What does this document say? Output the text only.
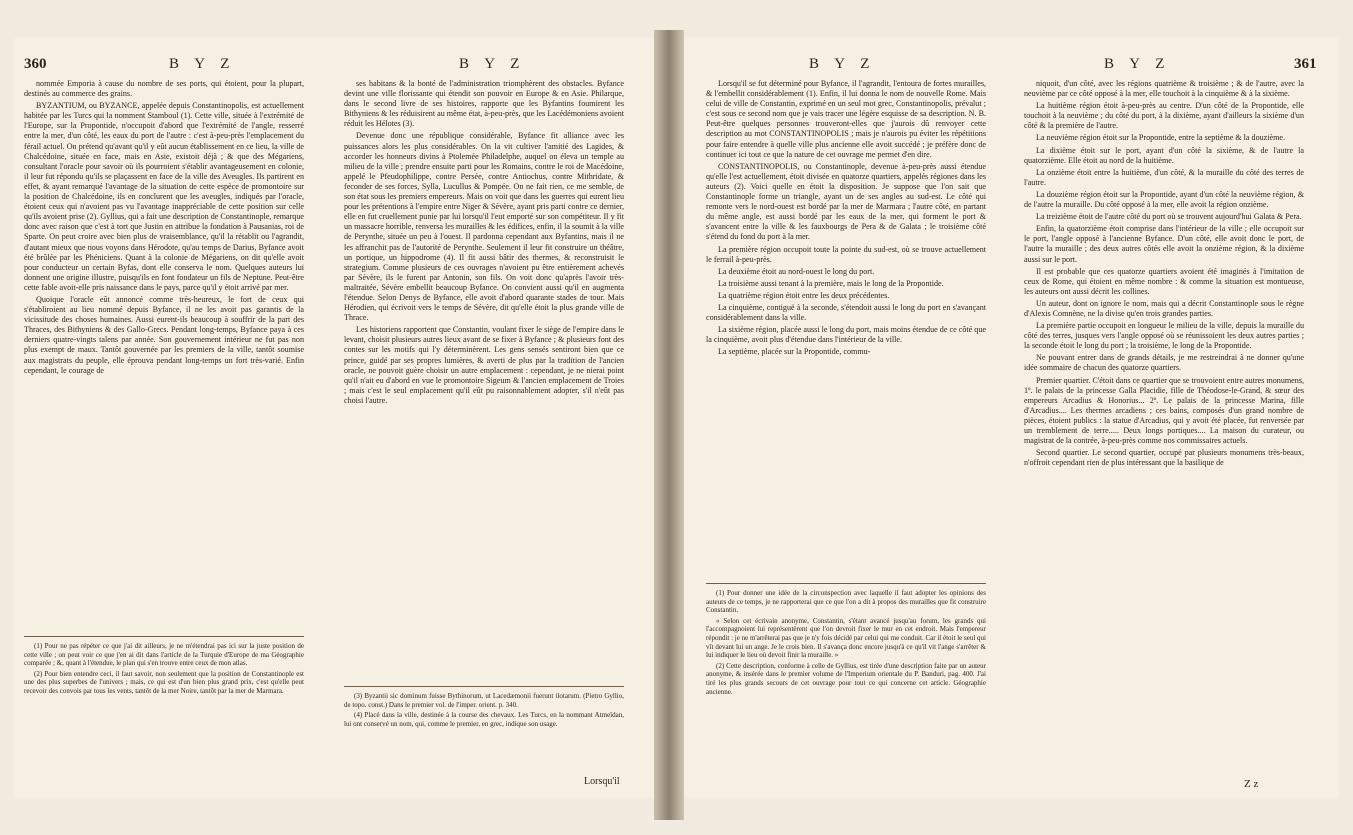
360	B Y Z	B Y Z

nommée Emporia à cause du nombre de ses ports, qui étoient, pour la plupart, destinés au commerce des grains.

BYZANTIUM, ou BYZANCE, appelée depuis Constantinopolis, est actuellement habitée par les Turcs qui la nomment Stamboul (1). Cette ville, située à l'extrémité de l'Europe, sur la Propontide, n'occupoit d'abord que l'extrémité de l'angle, resserré entre la mer, d'un côté, les eaux du port de l'autre : c'est à-peu-près l'emplacement du férail actuel. On prétend qu'avant qu'il y eût aucun établissement en ce lieu, la ville de Chalcédoine, située en face, mais en Asie, existoit déjà ; & que des Mégariens, consultant l'oracle pour savoir où ils pourroient s'établir avantageusement en colonie, il leur fut répondu qu'ils se plaçassent en face de la ville des Aveugles. Ils partirent en effet, & ayant remarqué l'avantage de la situation de cette espèce de promontoire sur la position de Chalcédoine, ils en conclurent que les aveugles, indiqués par l'oracle, étoient ceux qui n'avoient pas vu l'avantage inappréciable de cette position sur celle qu'ils avoient prise (2). Gyllius, qui a fait une description de Constantinople, remarque donc avec raison que c'est à tort que Justin en attribue la fondation à Pausanias, roi de Sparte. On peut croire avec bien plus de vraisemblance, qu'il la rétablit ou l'agrandit, d'autant mieux que nous voyons dans Hérodote, qu'au temps de Darius, Byfance avoit été brûlée par les Phéniciens. Quant à la colonie de Mégariens, on dit qu'elle avoit pour conducteur un certain Byfas, dont elle conserva le nom. Quelques auteurs lui donnent une origine illustre, puisqu'ils en font fondateur un fils de Neptune. Peut-être cette fable avoit-elle pris naissance dans le pays, parce qu'il y étoit arrivé par mer.

Quoique l'oracle eût annoncé comme très-heureux, le fort de ceux qui s'établiroient au lieu nommé depuis Byfance, il ne les avoit pas garantis de la vicissitude des choses humaines. Aussi eurent-ils beaucoup à souffrir de la part des Thraces, des Bithyniens & des Gallo-Grecs. Pendant long-temps, Byfance paya à ces derniers quatre-vingts talens par année. Son gouvernement intérieur ne fut pas non plus exempt de maux. Tantôt gouvernée par les premiers de la ville, tantôt soumise aux magistrats du peuple, elle éprouva pendant long-temps un fort très-varié. Enfin cependant, le courage de

(1) Pour ne pas répéter ce que j'ai dit ailleurs, je ne m'étendrai pas ici sur la juste position de cette ville ; on peut voir ce que j'en ai dit dans l'article de la Turquie d'Europe de ma Géographie comparée ; &, quant à l'étendue, le plan qui s'en trouve entre ceux de mon atlas.

(2) Pour bien entendre ceci, il faut savoir, non seulement que la position de Constantinople est une des plus superbes de l'univers ; mais, ce qui est d'un bien plus grand prix, c'est qu'elle peut recevoir des convois par tous les vents, tantôt de la mer Noire, tantôt par la mer de Marmara.

ses habitans & la bonté de l'administration triomphèrent des obstacles. Byfance devint une ville florissante qui étendit son pouvoir en Europe & en Asie. Philarque, dans le second livre de ses histoires, rapporte que les Byfantins foumirent les Bithyniens & les réduisirent au même état, à-peu-près, que les Lacédémoniens avoient réduit les Hélotes (3).

Devenue donc une république considérable, Byfance fit alliance avec les puissances alors les plus considérables. On la vit cultiver l'amitié des Lagides, & accorder les honneurs divins à Ptolemée Philadelphe, auquel on éleva un temple au milieu de la ville ; prendre ensuite parti pour les Romains, contre le roi de Macédoine, appelé le Pfeudophilippe, contre Persée, contre Antiochus, contre Mithridate, & feconder de ses forces, Sylla, Lucullus & Pompée. On ne fait rien, ce me semble, de son état sous les premiers empereurs. Mais on voit que dans les guerres qui eurent lieu pour les prétentions à l'empire entre Niger & Sévère, ayant pris parti contre ce dernier, elle en fut cruellement punie par lui lorsqu'il l'eut emporté sur son compétiteur. Il y fit un massacre horrible, renversa les murailles & les édifices, enfin, il la soumit à la ville de Perynthe, située un peu à l'ouest. Il pardonna cependant aux Byfantins, mais il ne les affranchit pas de l'autorité de Perynthe. Seulement il leur fit construire un théâtre, un portique, un hippodrome (4). Il fit aussi bâtir des thermes, & reconstruisit le strategium. Comme plusieurs de ces ouvrages n'avoient pu être entièrement achevés par Sévère, ils le furent par Antonin, son fils. On voit donc qu'après l'avoir très-maltraitée, Sévère embellit beaucoup Byfance. On convient aussi qu'il en augmenta l'étendue. Selon Denys de Byfance, elle avoit d'abord quarante stades de tour. Mais Hérodien, qui écrivoit vers le temps de Sévère, dit qu'elle étoit la plus grande ville de Thrace.

Les historiens rapportent que Constantin, voulant fixer le siège de l'empire dans le levant, choisit plusieurs autres lieux avant de se fixer à Byfance ; & plusieurs font des contes sur les motifs qui l'y déterminèrent. Les gens sensés sentiront bien que ce prince, guidé par ses propres lumières, & averti de plus par la tradition de l'ancien oracle, ne pouvoit guère choisir un autre emplacement : cependant, je ne nierai point qu'il n'ait eu d'abord en vue le promontoire Sigeum & l'ancien emplacement de Troies ; mais c'est le seul emplacement qu'il eût pu raisonnablement adopter, s'il n'eût pas choisi l'autre.

(3) Byzantii sic dominum fuisse Bythinorum, ut Lacedæmonii fuerunt ilotarum. (Pietro Gyllio, de topo. const.) Dans le premier vol. de l'imper. orient. p. 340.

(4) Placé dans la ville, destinée à la course des chevaux. Les Turcs, en la nommant Atmeïdan, lui ont conservé un nom, qui, comme le premier, en grec, indique son usage.

Lorsqu'il
B Y Z	B Y Z	361

Lorsqu'il se fut déterminé pour Byfance, il l'agrandit, l'entoura de fortes murailles, & l'embellit considérablement (1). Enfin, il lui donna le nom de nouvelle Rome. Mais celui de ville de Constantin, exprimé en un seul mot grec, Constantinopolis, prévalut ; c'est sous ce second nom que je vais tracer une légère esquisse de sa description. N. B. Peut-être quelques personnes trouveront-elles que j'aurois dû renvoyer cette description au mot CONSTANTINOPOLIS ; mais je n'aurois pu éviter les répétitions pour faire entendre à quelle ville plus ancienne elle avoit succédé ; je préfère donc de continuer ici tout ce que la nature de cet ouvrage me permet d'en dire.

CONSTANTINOPOLIS, ou Constantinople, devenue à-peu-près aussi étendue qu'elle l'est actuellement, étoit divisée en quatorze quartiers, appelés régiones dans les auteurs (2). Voici quelle en étoit la disposition. Je suppose que l'on sait que Constantinople forme un triangle, ayant un de ses angles au sud-est. Le côté qui remonte vers le nord-ouest est bordé par la mer de Marmara ; l'autre côté, en partant du même angle, est aussi bordé par les eaux de la mer, qui forment le port & s'avancent entre la ville & les fauxbourgs de Pera & de Galata ; le troisième côté s'étend du fond du port à la mer.

La première région occupoit toute la pointe du sud-est, où se trouve actuellement le ferrail à-peu-près.

La deuxième étoit au nord-ouest le long du port.

La troisième aussi tenant à la première, mais le long de la Propontide.

La quatrième région étoit entre les deux précédentes.

La cinquième, contiguë à la seconde, s'étendoit aussi le long du port en s'avançant considérablement dans la ville.

La sixième région, placée aussi le long du port, mais moins étendue de ce côté que la cinquième, avoit plus d'étendue dans l'intérieur de la ville.

La septième, placée sur la Propontide, commu-

(1) Pour donner une idée de la circonspection avec laquelle il faut adopter les opinions des auteurs de ce temps, je ne rapporterai que ce que l'on a dit à propos des murailles que fit construire Constantin.

« Selon cet écrivain anonyme, Constantin, s'étant avancé jusqu'au forum, les grands qui l'accompagnoient lui représentèrent que l'on devroit fixer le mur en cet endroit. Mais l'empereur répondit : je ne m'arrêterai pas que je n'y fois décidé par celui qui me conduit. Car il étoit le seul qui vît devant lui un ange. Je le crois bien. Il s'avança donc encore jusqu'à ce qu'il vit l'ange s'arrêter & lui indiquer le lieu où devoit finir la muraille. »

(2) Cette description, conforme à celle de Gyllius, est tirée d'une description faite par un auteur anonyme, & insérée dans le premier volume de l'Imperium orientale du P. Banduri, pag. 400. J'ai tiré les plus grands secours de cet ouvrage pour tout ce qui concerne cet article. Géographie ancienne.

niquoit, d'un côté, avec les régions quatrième & troisième ; & de l'autre, avec la neuvième par ce côté opposé à la mer, elle touchoit à la cinquième & à la sixième.

La huitième région étoit à-peu-près au centre. D'un côté de la Propontide, elle touchoit à la neuvième ; du côté du port, à la dixième, ayant d'ailleurs la sixième d'un côté & la première de l'autre.

La neuvième région étoit sur la Propontide, entre la septième & la douzième.

La dixième étoit sur le port, ayant d'un côté la sixième, & de l'autre la quatorzième. Elle étoit au nord de la huitième.

La onzième étoit entre la huitième, d'un côté, & la muraille du côté des terres de l'autre.

La douzième région étoit sur la Propontide, ayant d'un côté la neuvième région, & de l'autre la muraille. Du côté opposé à la mer, elle avoit la région onzième.

La treizième étoit de l'autre côté du port où se trouvent aujourd'hui Galata & Pera.

Enfin, la quatorzième étoit comprise dans l'intérieur de la ville ; elle occupoit sur le port, l'angle opposé à l'ancienne Byfance. D'un côté, elle avoit donc le port, de l'autre la muraille ; des deux autres côtés elle avoit la onzième région, & la dixième aussi sur le port.

Il est probable que ces quatorze quartiers avoient été imaginés à l'imitation de ceux de Rome, qui étoient en même nombre : & comme la situation est montueuse, les auteurs ont aussi décrit les collines.

Un auteur, dont on ignore le nom, mais qui a décrit Constantinople sous le règne d'Alexis Comnène, ne la divise qu'en trois grandes parties.

La première partie occupoit en longueur le milieu de la ville, depuis la muraille du côté des terres, jusques vers l'angle opposé où se réunissoient les deux autres parties ; la seconde étoit le long du port ; la troisième, le long de la Propontide.

Ne pouvant entrer dans de grands détails, je me restreindrai à ne donner qu'une idée sommaire de chacun des quatorze quartiers.

Premier quartier. C'étoit dans ce quartier que se trouvoient entre autres monumens, 1º. le palais de la princesse Galla Placidie, fille de Théodose-le-Grand, & sœur des empereurs Arcadius & Honorius... 2º. Le palais de la princesse Marina, fille d'Arcadius.... Les thermes arcadiens ; ces bains, composés d'un grand nombre de pièces, étoient publics : la statue d'Arcadius, qui y avoit été placée, fut renversée par un tremblement de terre..... Deux longs portiques.... La maison du curateur, ou magistrat de la contrée, à-peu-près comme nos commissaires actuels.

Second quartier. Le second quartier, occupé par plusieurs monumens très-beaux, n'offroit cependant rien de plus intéressant que la basilique de

Z z
